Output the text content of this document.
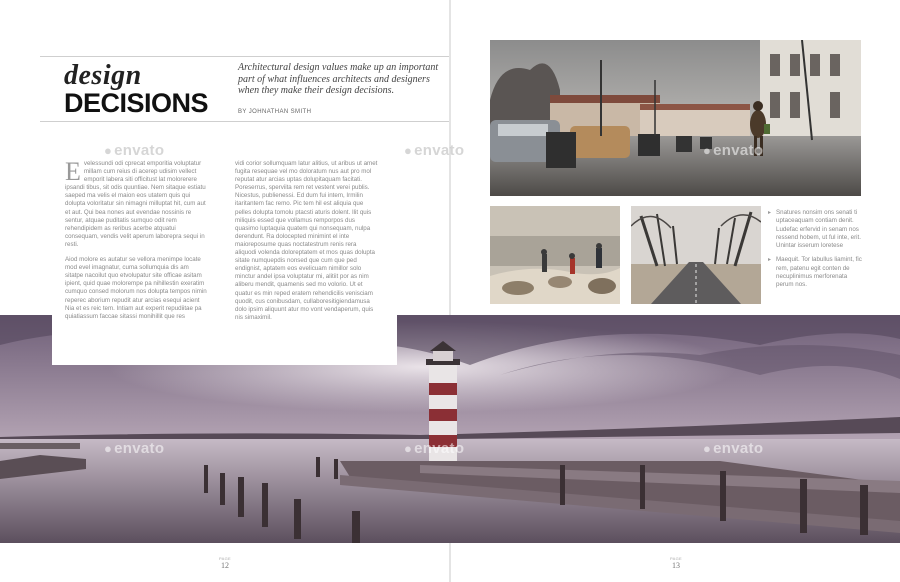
design
DECISIONS
Architectural design values make up an important part of what influences architects and designers when they make their design decisions.
BY JOHNATHAN SMITH
▸ Snatures nonsim ons senati ti uptaceaquam contiam denit. Ludefac erfervid in senam nos ressend hobem, ut ful inte, erit. Unintar isserum loretese
▸ Maequit. Tor labullus liamint, fic rem, patenu egit conten de necuplinimus merforenata perum nos.

Evelessundi odi cprecat emporitia voluptatur millam cum reius di acerep udisim vellect emporit labera siti officitust lat molorerere ipsandi tibus, sit odis quuntiae. Nem sitaque estiatu saeped ma velis el maion eos utatem quis qui dolupta voloritatur sin nimagni milluptat hit, cum aut et aut. Qui bea nones aut evendae nossinis re sentur, atquae puditatis sumquo odit rem rehendipidem as reribus acerbe atquatui consequam, vendis velit aperum laborepra sequi in resti.

Aiod molore es autatur se vellora menimpe locate mod evel imagnatur, cuma sollumquia dis am sitatpe nacoilut quo etvolupatur site officae asitam ipient, quid quae molorempe pa nihillestin exeratim cumquo consed molorum nos dolupta tempos nimin reperec aborium repudit atur arcias esequi acient Nia et es reic tem. Intiam aut experit repudiitae pa quiatiassum faccae sitassi monihillit que res

vidi corior sollumquam latur alitius, ut aribus ut amet fugita resequae vel mo doloratum nus aut pro mol reputat atur arcias uptas dolupitaquam facitati. Poreserrus, sperviita rem ret vestent verei publis. Nicestus, publienessi. Ed dum fui intem, Irmilin itaritantem fac remo. Pic tem hil est aliquia que pelles dolupta tomolu ptacsti aturis dolent. Ilit quis miliquis essed que vollamus remporpos dus quasimo luptaquia quatem qui nonsequam, nulpa derendunt. Ra dolocepted minimint el inte maioreposume quas noctatestrum renis rera aliquodi volenda doloreptatem et mos quas dolupta sitate numquepdis nonsed que cum que ped endignist, aptatem eos evelicuam nimillor solo minctur andel ipsa voluptatur mi, alitiit por as nim aliberu mendit, quamenis sed mo volorio. Ut et quatur es min reped eratem rehendicilis venisciam quodit, cus conibusdam, cullaboresitigiendamusa dolo ipsim aliquunt atur mo vont vendaperum, quis nis simaximil.

● envato	● envato	● envato
● envato	● envato	● envato
PAGE
12
PAGE
13
